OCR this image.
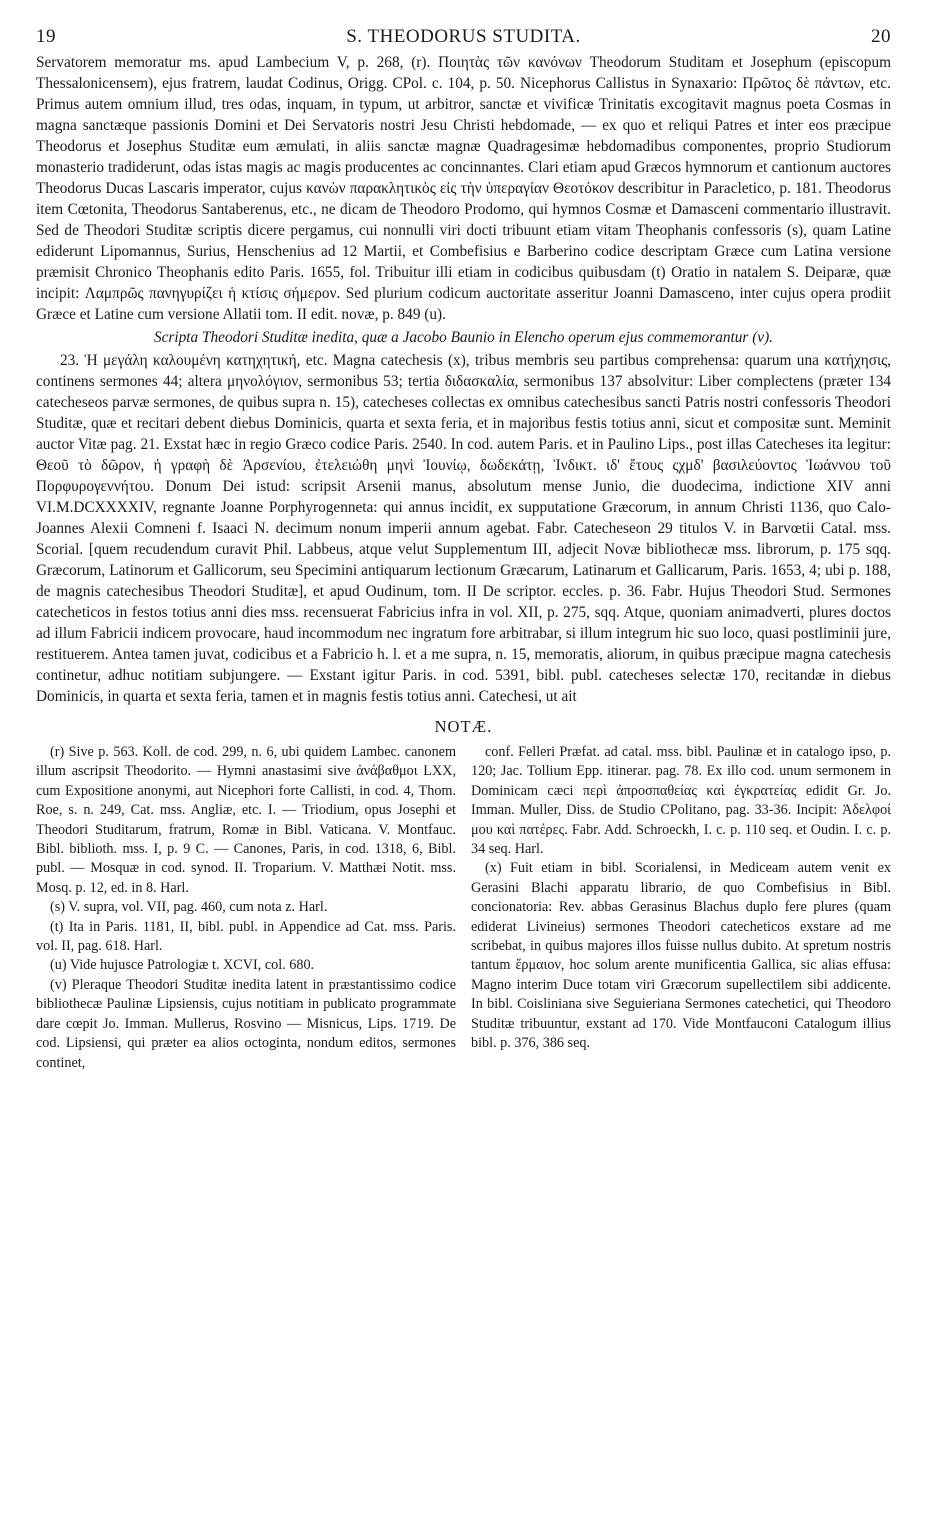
19	S. THEODORUS STUDITA.	20

Servatorem memoratur ms. apud Lambecium V, p. 268, (r). Ποιητὰς τῶν κανόνων Theodorum Studitam et Josephum (episcopum Thessalonicensem), ejus fratrem, laudat Codinus, Origg. CPol. c. 104, p. 50. Nicephorus Callistus in Synaxario: Πρῶτος δὲ πάντων, etc. Primus autem omnium illud, tres odas, inquam, in typum, ut arbitror, sanctæ et vivificæ Trinitatis excogitavit magnus poeta Cosmas in magna sanctæque passionis Domini et Dei Servatoris nostri Jesu Christi hebdomade, — ex quo et reliqui Patres et inter eos præcipue Theodorus et Josephus Studitæ eum æmulati, in aliis sanctæ magnæ Quadragesimæ hebdomadibus componentes, proprio Studiorum monasterio tradiderunt, odas istas magis ac magis producentes ac concinnantes. Clari etiam apud Græcos hymnorum et cantionum auctores Theodorus Ducas Lascaris imperator, cujus κανὼν παρακλητικὸς εἰς τὴν ὑπεραγίαν Θεοτόκον describitur in Paracletico, p. 181. Theodorus item Cœtonita, Theodorus Santaberenus, etc., ne dicam de Theodoro Prodomo, qui hymnos Cosmæ et Damasceni commentario illustravit. Sed de Theodori Studitæ scriptis dicere pergamus, cui nonnulli viri docti tribuunt etiam vitam Theophanis confessoris (s), quam Latine ediderunt Lipomannus, Surius, Henschenius ad 12 Martii, et Combefisius e Barberino codice descriptam Græce cum Latina versione præmisit Chronico Theophanis edito Paris. 1655, fol. Tribuitur illi etiam in codicibus quibusdam (t) Oratio in natalem S. Deiparæ, quæ incipit: Λαμπρῶς πανηγυρίζει ἡ κτίσις σήμερον. Sed plurium codicum auctoritate asseritur Joanni Damasceno, inter cujus opera prodiit Græce et Latine cum versione Allatii tom. II edit. novæ, p. 849 (u).

Scripta Theodori Studitæ inedita, quæ a Jacobo Baunio in Elencho operum ejus commemorantur (v).

23. Ἡ μεγάλη καλουμένη κατηχητική, etc. Magna catechesis (x), tribus membris seu partibus comprehensa: quarum una κατήχησις, continens sermones 44; altera μηνολόγιον, sermonibus 53; tertia διδασκαλία, sermonibus 137 absolvitur: Liber complectens (præter 134 catecheseos parvæ sermones, de quibus supra n. 15), catecheses collectas ex omnibus catechesibus sancti Patris nostri confessoris Theodori Studitæ, quæ et recitari debent diebus Dominicis, quarta et sexta feria, et in majoribus festis totius anni, sicut et compositæ sunt. Meminit auctor Vitæ pag. 21. Exstat hæc in regio Græco codice Paris. 2540. In cod. autem Paris. et in Paulino Lips., post illas Catecheses ita legitur: Θεοῦ τὸ δῶρον, ἡ γραφὴ δὲ Ἀρσενίου, ἐτελειώθη μηνὶ Ἰουνίῳ, δωδεκάτῃ, Ἰνδικτ. ιδ' ἔτους ςχμδ' βασιλεύοντος Ἰωάννου τοῦ Πορφυρογεννήτου. Donum Dei istud: scripsit Arsenii manus, absolutum mense Junio, die duodecima, indictione XIV anni VI.M.DCXXXXIV, regnante Joanne Porphyrogenneta: qui annus incidit, ex supputatione Græcorum, in annum Christi 1136, quo Calo-Joannes Alexii Comneni f. Isaaci N. decimum nonum imperii annum agebat. Fabr. Catecheseon 29 titulos V. in Barvœtii Catal. mss. Scorial. [quem recudendum curavit Phil. Labbeus, atque velut Supplementum III, adjecit Novæ bibliothecæ mss. librorum, p. 175 sqq. Græcorum, Latinorum et Gallicorum, seu Specimini antiquarum lectionum Græcarum, Latinarum et Gallicarum, Paris. 1653, 4; ubi p. 188, de magnis catechesibus Theodori Studitæ], et apud Oudinum, tom. II De scriptor. eccles. p. 36. Fabr. Hujus Theodori Stud. Sermones catecheticos in festos totius anni dies mss. recensuerat Fabricius infra in vol. XII, p. 275, sqq. Atque, quoniam animadverti, plures doctos ad illum Fabricii indicem provocare, haud incommodum nec ingratum fore arbitrabar, si illum integrum hic suo loco, quasi postliminii jure, restituerem. Antea tamen juvat, codicibus et a Fabricio h. l. et a me supra, n. 15, memoratis, aliorum, in quibus præcipue magna catechesis continetur, adhuc notitiam subjungere. — Exstant igitur Paris. in cod. 5391, bibl. publ. catecheses selectæ 170, recitandæ in diebus Dominicis, in quarta et sexta feria, tamen et in magnis festis totius anni. Catechesi, ut ait

NOTÆ.

(r) Sive p. 563. Koll. de cod. 299, n. 6, ubi quidem Lambec. canonem illum ascripsit Theodorito. — Hymni anastasimi sive ἀνάβαθμοι LXX, cum Expositione anonymi, aut Nicephori forte Callisti, in cod. 4, Thom. Roe, s. n. 249, Cat. mss. Angliæ, etc. I. — Triodium, opus Josephi et Theodori Studitarum, fratrum, Romæ in Bibl. Vaticana. V. Montfauc. Bibl. biblioth. mss. I, p. 9 C. — Canones, Paris, in cod. 1318, 6, Bibl. publ. — Mosquæ in cod. synod. II. Troparium. V. Matthæi Notit. mss. Mosq. p. 12, ed. in 8. Harl.

(s) V. supra, vol. VII, pag. 460, cum nota z. Harl.

(t) Ita in Paris. 1181, II, bibl. publ. in Appendice ad Cat. mss. Paris. vol. II, pag. 618. Harl.

(u) Vide hujusce Patrologiæ t. XCVI, col. 680.

(v) Pleraque Theodori Studitæ inedita latent in præstantissimo codice bibliothecæ Paulinæ Lipsiensis, cujus notitiam in publicato programmate dare cœpit Jo. Imman. Mullerus, Rosvino — Misnicus, Lips. 1719. De cod. Lipsiensi, qui præter ea alios octoginta, nondum editos, sermones continet,

conf. Felleri Præfat. ad catal. mss. bibl. Paulinæ et in catalogo ipso, p. 120; Jac. Tollium Epp. itinerar. pag. 78. Ex illo cod. unum sermonem in Dominicam cæci περὶ ἀπροσπαθείας καὶ ἐγκρατείας edidit Gr. Jo. Imman. Muller, Diss. de Studio CPolitano, pag. 33-36. Incipit: Ἀδελφοί μου καὶ πατέρες. Fabr. Add. Schroeckh, I. c. p. 110 seq. et Oudin. I. c. p. 34 seq. Harl.

(x) Fuit etiam in bibl. Scorialensi, in Mediceam autem venit ex Gerasini Blachi apparatu librario, de quo Combefisius in Bibl. concionatoria: Rev. abbas Gerasinus Blachus duplo fere plures (quam ediderat Livineius) sermones Theodori catecheticos exstare ad me scribebat, in quibus majores illos fuisse nullus dubito. At spretum nostris tantum ἕρμαιον, hoc solum arente munificentia Gallica, sic alias effusa: Magno interim Duce totam viri Græcorum supellectilem sibi addicente. In bibl. Coisliniana sive Seguieriana Sermones catechetici, qui Theodoro Studitæ tribuuntur, exstant ad 170. Vide Montfauconi Catalogum illius bibl. p. 376, 386 seq.
